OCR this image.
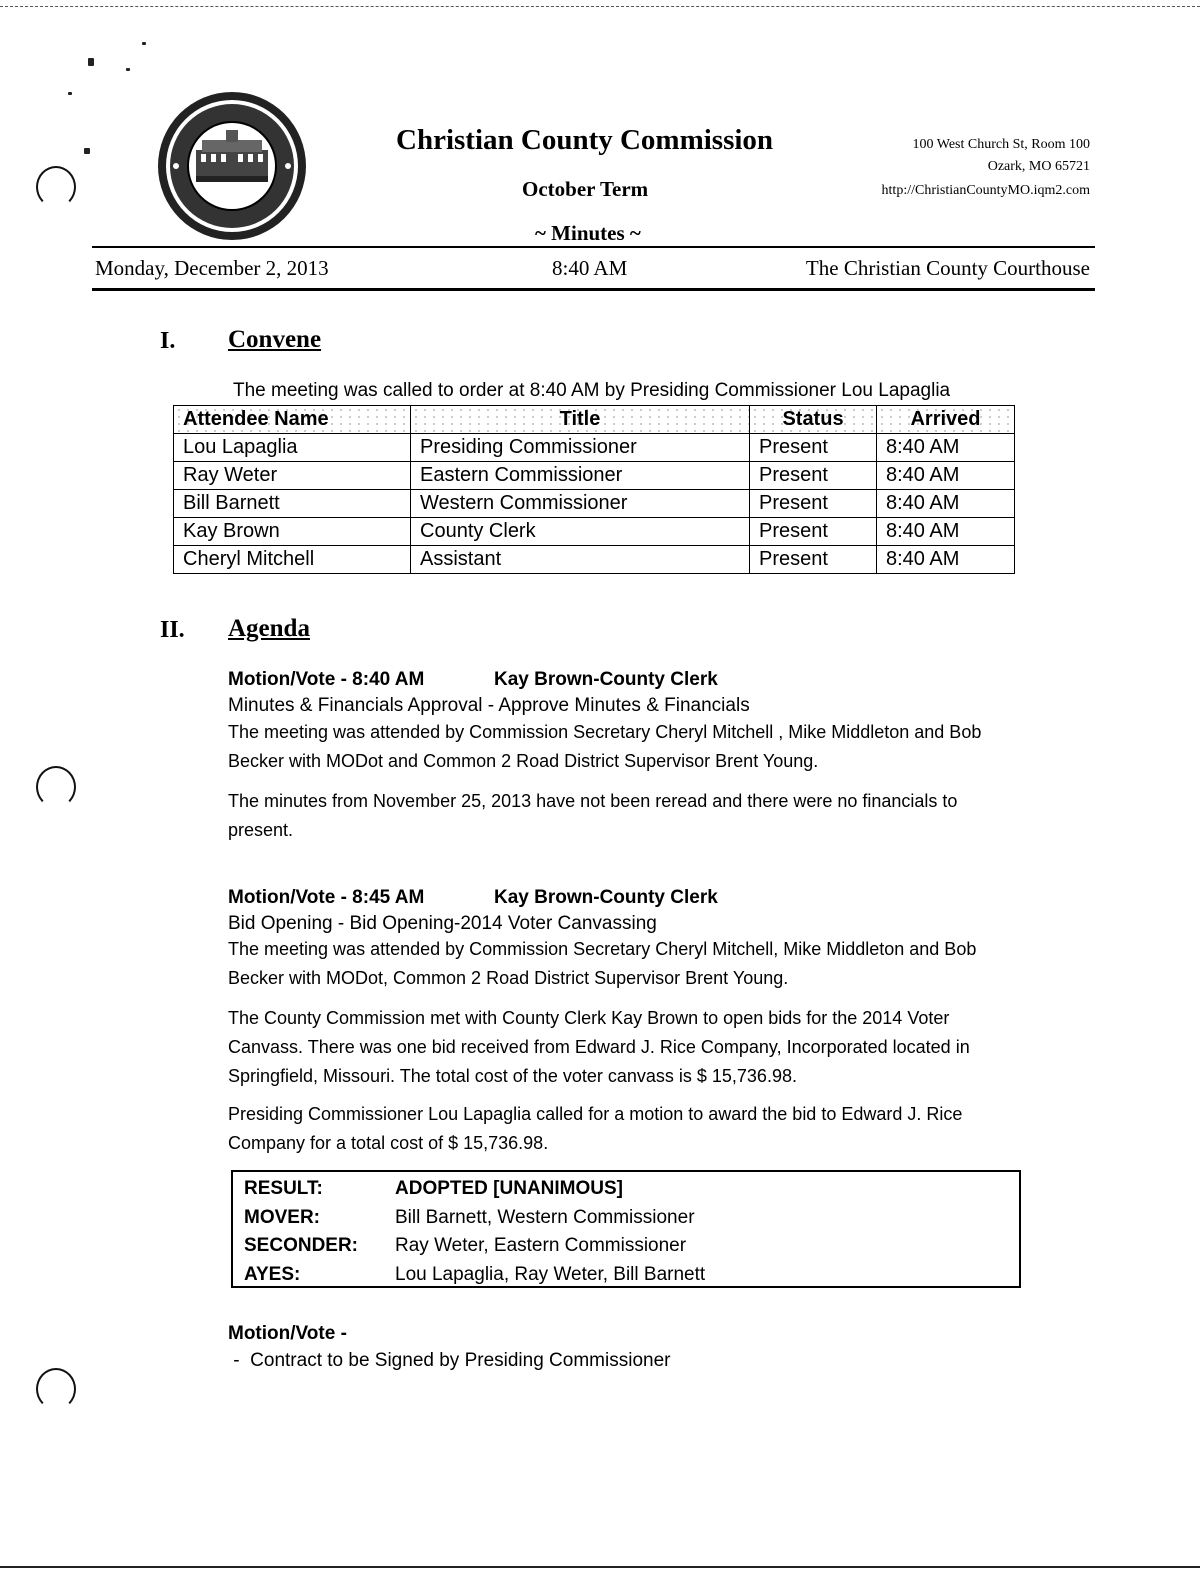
Christian County Commission
October Term
~ Minutes ~
100 West Church St, Room 100
Ozark, MO 65721
http://ChristianCountyMO.iqm2.com
Monday, December 2, 2013	8:40 AM	The Christian County Courthouse
I. Convene
The meeting was called to order at 8:40 AM by Presiding Commissioner Lou Lapaglia
Attendee Name	Title	Status	Arrived
Lou Lapaglia	Presiding Commissioner	Present	8:40 AM
Ray Weter	Eastern Commissioner	Present	8:40 AM
Bill Barnett	Western Commissioner	Present	8:40 AM
Kay Brown	County Clerk	Present	8:40 AM
Cheryl Mitchell	Assistant	Present	8:40 AM
II. Agenda
Motion/Vote - 8:40 AM	Kay Brown-County Clerk
Minutes & Financials Approval - Approve Minutes & Financials
The meeting was attended by Commission Secretary Cheryl Mitchell , Mike Middleton and Bob
Becker with MODot and Common 2 Road District Supervisor Brent Young.
The minutes from November 25, 2013 have not been reread and there were no financials to
present.
Motion/Vote - 8:45 AM	Kay Brown-County Clerk
Bid Opening - Bid Opening-2014 Voter Canvassing
The meeting was attended by Commission Secretary Cheryl Mitchell, Mike Middleton and Bob
Becker with MODot, Common 2 Road District Supervisor Brent Young.
The County Commission met with County Clerk Kay Brown to open bids for the 2014 Voter
Canvass. There was one bid received from Edward J. Rice Company, Incorporated located in
Springfield, Missouri. The total cost of the voter canvass is $ 15,736.98.
Presiding Commissioner Lou Lapaglia called for a motion to award the bid to Edward J. Rice
Company for a total cost of $ 15,736.98.
RESULT:	ADOPTED [UNANIMOUS]
MOVER:	Bill Barnett, Western Commissioner
SECONDER: Ray Weter, Eastern Commissioner
AYES:	Lou Lapaglia, Ray Weter, Bill Barnett
Motion/Vote -
-  Contract to be Signed by Presiding Commissioner
